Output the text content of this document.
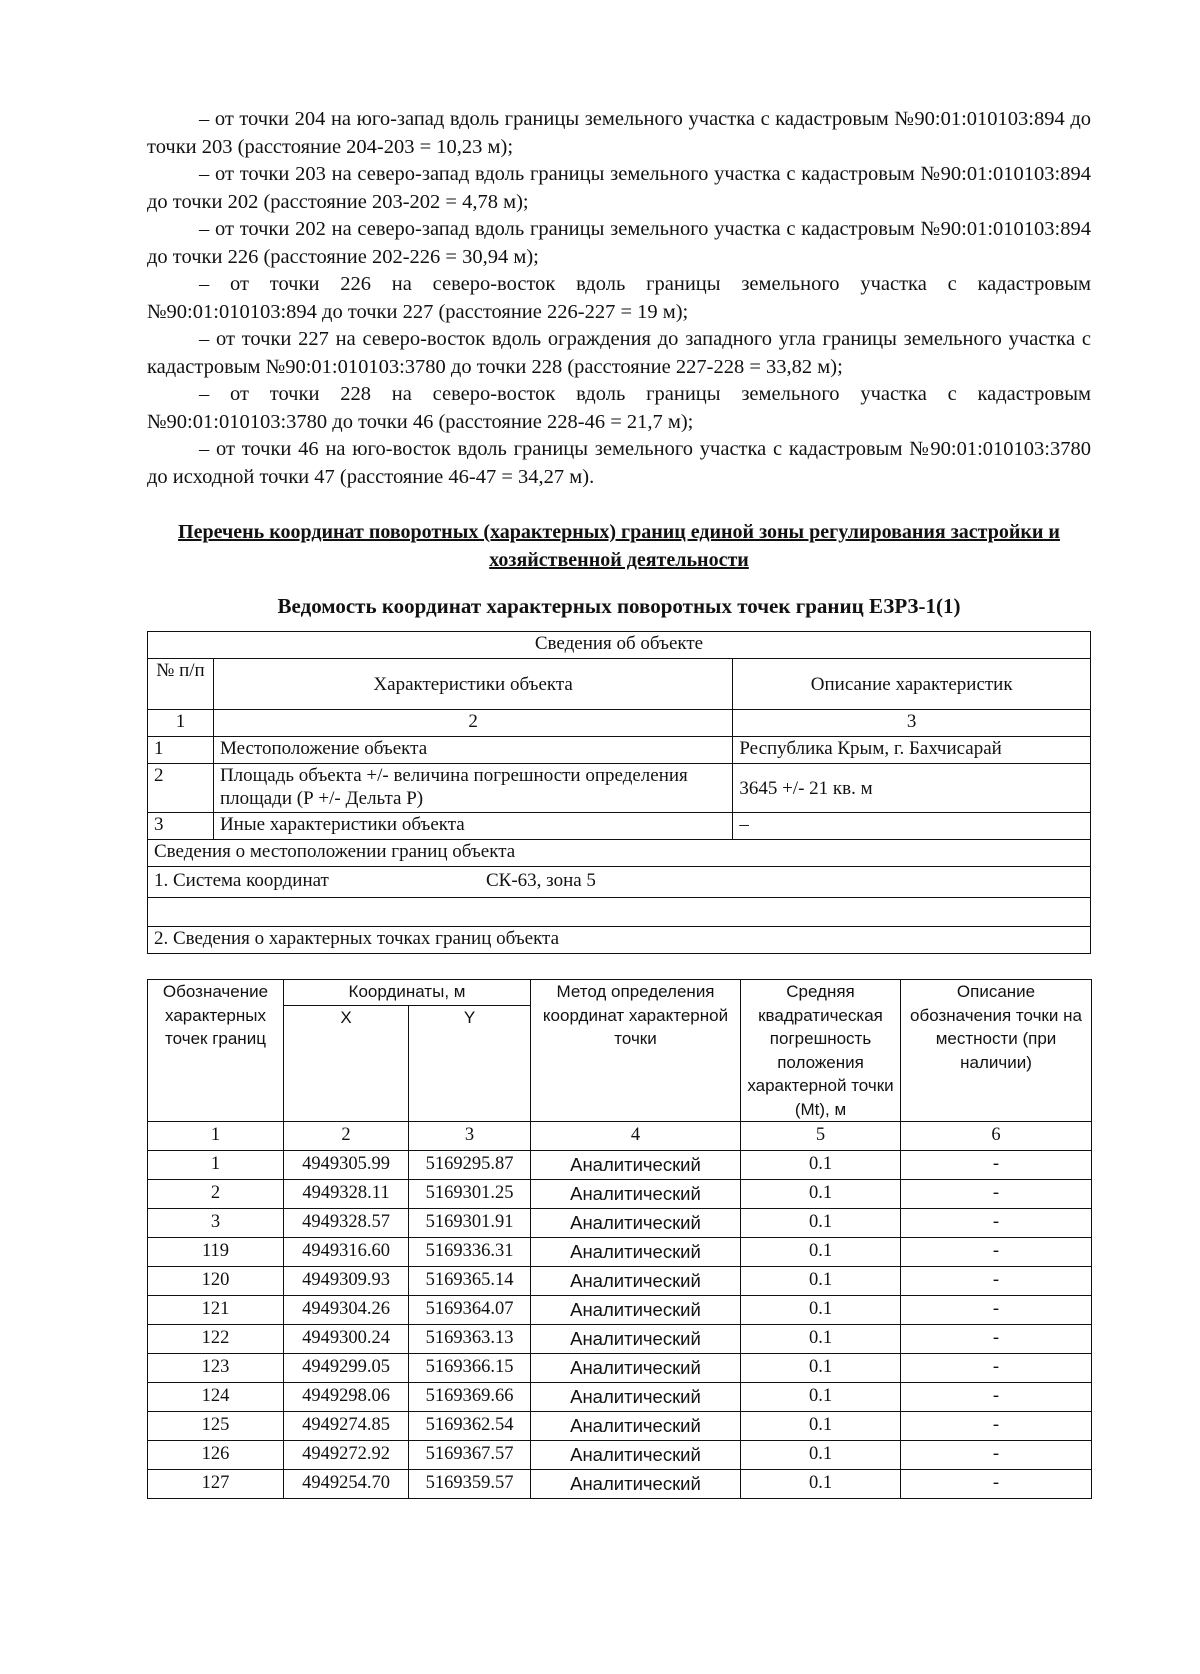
– от точки 204 на юго-запад вдоль границы земельного участка с кадастровым №90:01:010103:894 до точки 203 (расстояние 204-203 = 10,23 м);

– от точки 203 на северо-запад вдоль границы земельного участка с кадастровым №90:01:010103:894 до точки 202 (расстояние 203-202 = 4,78 м);

– от точки 202 на северо-запад вдоль границы земельного участка с кадастровым №90:01:010103:894 до точки 226 (расстояние 202-226 = 30,94 м);

– от точки 226 на северо-восток вдоль границы земельного участка с кадастровым №90:01:010103:894 до точки 227 (расстояние 226-227 = 19 м);

– от точки 227 на северо-восток вдоль ограждения до западного угла границы земельного участка с кадастровым №90:01:010103:3780 до точки 228 (расстояние 227-228 = 33,82 м);

– от точки 228 на северо-восток вдоль границы земельного участка с кадастровым №90:01:010103:3780 до точки 46 (расстояние 228-46 = 21,7 м);

– от точки 46 на юго-восток вдоль границы земельного участка с кадастровым №90:01:010103:3780 до исходной точки 47 (расстояние 46-47 = 34,27 м).

Перечень координат поворотных (характерных) границ единой зоны регулирования застройки и хозяйственной деятельности
Ведомость координат характерных поворотных точек границ ЕЗРЗ-1(1)
Сведения об объекте		
№ п/п	Характеристики объекта	Описание характеристик
1	2	3
1	Местоположение объекта	Республика Крым, г. Бахчисарай
2	Площадь объекта +/- величина погрешности определения площади (Р +/- Дельта Р)	3645 +/- 21 кв. м
3	Иные характеристики объекта	–
Сведения о местоположении границ объекта		

1. Система координат СК-63, зона 5		

2. Сведения о характерных точках границ объекта		
Обозначение характерных точек границ	Координаты, м		Метод определения координат характерной точки	Средняя квадратическая погрешность положения характерной точки (Mt), м	Описание обозначения точки на местности (при наличии)
	X	Y			
1	2	3	4	5	6
1	4949305.99	5169295.87	Аналитический	0.1	-
2	4949328.11	5169301.25	Аналитический	0.1	-
3	4949328.57	5169301.91	Аналитический	0.1	-
119	4949316.60	5169336.31	Аналитический	0.1	-
120	4949309.93	5169365.14	Аналитический	0.1	-
121	4949304.26	5169364.07	Аналитический	0.1	-
122	4949300.24	5169363.13	Аналитический	0.1	-
123	4949299.05	5169366.15	Аналитический	0.1	-
124	4949298.06	5169369.66	Аналитический	0.1	-
125	4949274.85	5169362.54	Аналитический	0.1	-
126	4949272.92	5169367.57	Аналитический	0.1	-
127	4949254.70	5169359.57	Аналитический	0.1	-
